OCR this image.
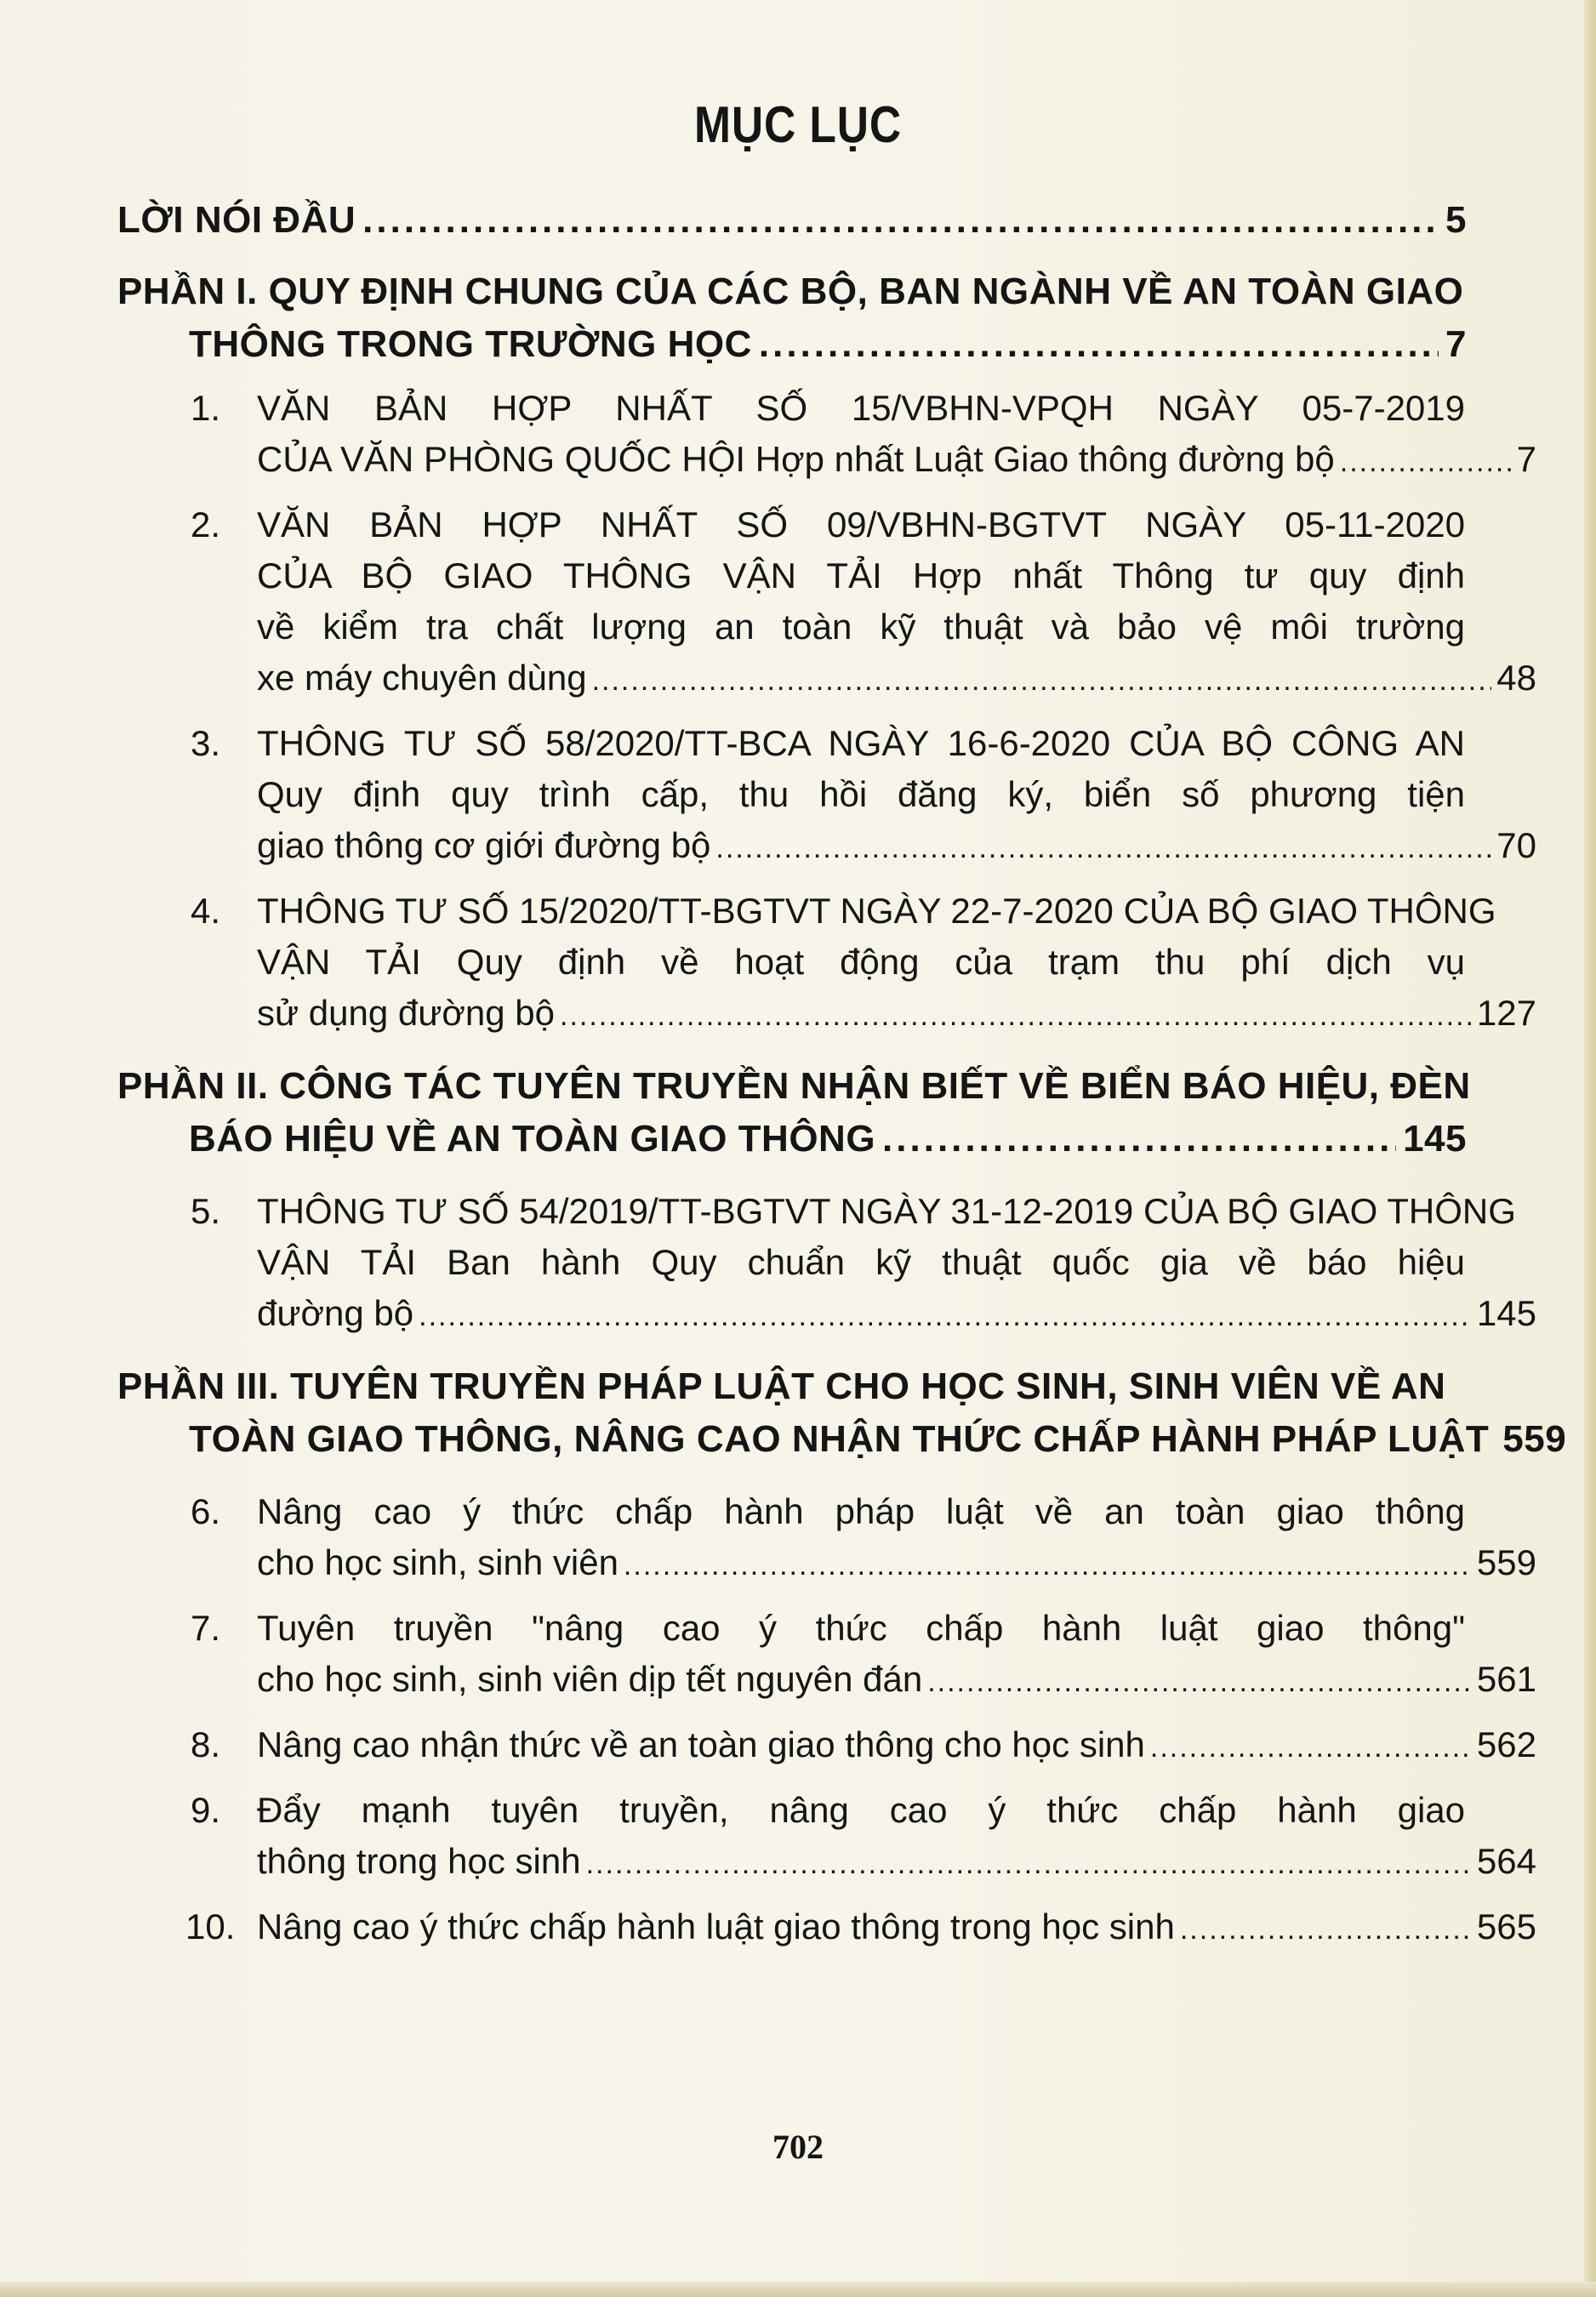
MỤC LỤC
LỜI NÓI ĐẦU .....	5
PHẦN I. QUY ĐỊNH CHUNG CỦA CÁC BỘ, BAN NGÀNH VỀ AN TOÀN GIAO
THÔNG TRONG TRƯỜNG HỌC .....	7
1.	VĂN BẢN HỢP NHẤT SỐ 15/VBHN-VPQH NGÀY 05-7-2019
CỦA VĂN PHÒNG QUỐC HỘI Hợp nhất Luật Giao thông đường bộ .....	7
2.	VĂN BẢN HỢP NHẤT SỐ 09/VBHN-BGTVT NGÀY 05-11-2020
CỦA BỘ GIAO THÔNG VẬN TẢI Hợp nhất Thông tư quy định
về kiểm tra chất lượng an toàn kỹ thuật và bảo vệ môi trường
xe máy chuyên dùng .....	48
3.	THÔNG TƯ SỐ 58/2020/TT-BCA NGÀY 16-6-2020 CỦA BỘ CÔNG AN
Quy định quy trình cấp, thu hồi đăng ký, biển số phương tiện
giao thông cơ giới đường bộ .....	70
4.	THÔNG TƯ SỐ 15/2020/TT-BGTVT NGÀY 22-7-2020 CỦA BỘ GIAO THÔNG
VẬN TẢI Quy định về hoạt động của trạm thu phí dịch vụ
sử dụng đường bộ .....	127
PHẦN II. CÔNG TÁC TUYÊN TRUYỀN NHẬN BIẾT VỀ BIỂN BÁO HIỆU, ĐÈN
BÁO HIỆU VỀ AN TOÀN GIAO THÔNG .....	145
5.	THÔNG TƯ SỐ 54/2019/TT-BGTVT NGÀY 31-12-2019 CỦA BỘ GIAO THÔNG
VẬN TẢI Ban hành Quy chuẩn kỹ thuật quốc gia về báo hiệu
đường bộ .....	145
PHẦN III. TUYÊN TRUYỀN PHÁP LUẬT CHO HỌC SINH, SINH VIÊN VỀ AN
TOÀN GIAO THÔNG, NÂNG CAO NHẬN THỨC CHẤP HÀNH PHÁP LUẬT 559
6.	Nâng cao ý thức chấp hành pháp luật về an toàn giao thông
cho học sinh, sinh viên .....	559
7.	Tuyên truyền "nâng cao ý thức chấp hành luật giao thông"
cho học sinh, sinh viên dịp tết nguyên đán .....	561
8.	Nâng cao nhận thức về an toàn giao thông cho học sinh .....	562
9.	Đẩy mạnh tuyên truyền, nâng cao ý thức chấp hành giao
thông trong học sinh .....	564
10. Nâng cao ý thức chấp hành luật giao thông trong học sinh .....	565
702
